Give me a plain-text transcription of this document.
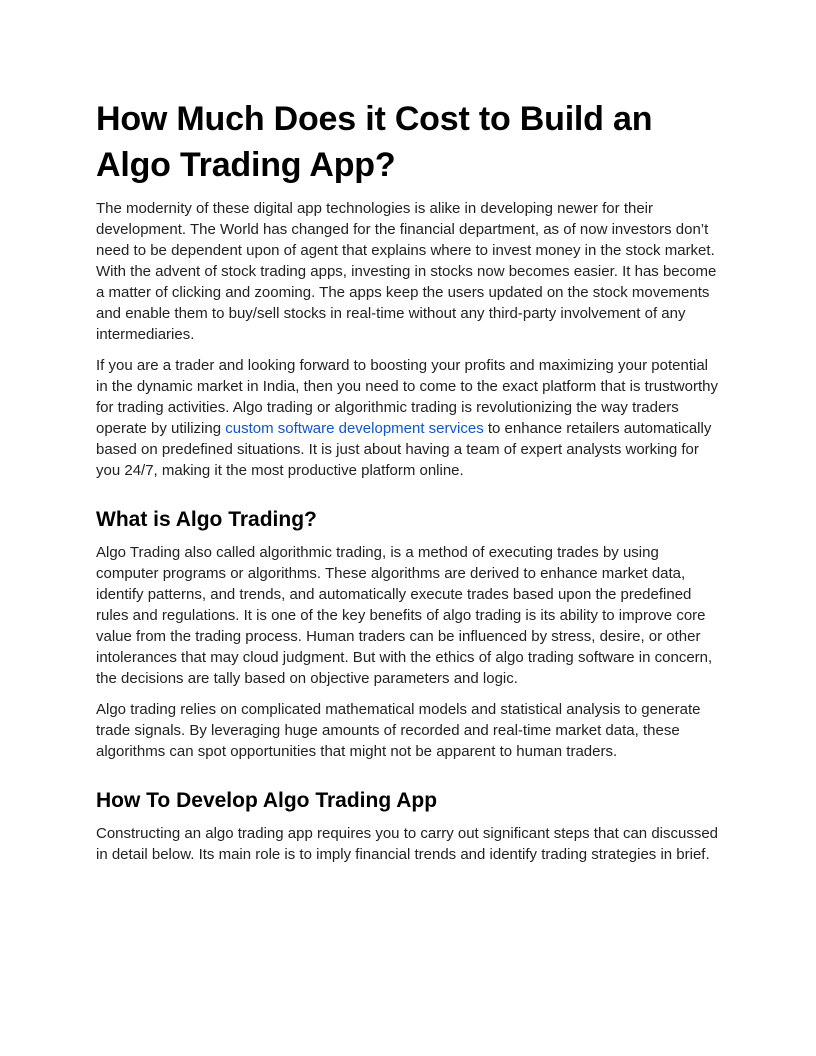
How Much Does it Cost to Build an Algo Trading App?

The modernity of these digital app technologies is alike in developing newer for their development. The World has changed for the financial department, as of now investors don’t need to be dependent upon of agent that explains where to invest money in the stock market. With the advent of stock trading apps, investing in stocks now becomes easier. It has become a matter of clicking and zooming. The apps keep the users updated on the stock movements and enable them to buy/sell stocks in real-time without any third-party involvement of any intermediaries.

If you are a trader and looking forward to boosting your profits and maximizing your potential in the dynamic market in India, then you need to come to the exact platform that is trustworthy for trading activities. Algo trading or algorithmic trading is revolutionizing the way traders operate by utilizing custom software development services to enhance retailers automatically based on predefined situations. It is just about having a team of expert analysts working for you 24/7, making it the most productive platform online.

What is Algo Trading?

Algo Trading also called algorithmic trading, is a method of executing trades by using computer programs or algorithms. These algorithms are derived to enhance market data, identify patterns, and trends, and automatically execute trades based upon the predefined rules and regulations. It is one of the key benefits of algo trading is its ability to improve core value from the trading process. Human traders can be influenced by stress, desire, or other intolerances that may cloud judgment. But with the ethics of algo trading software in concern, the decisions are tally based on objective parameters and logic.

Algo trading relies on complicated mathematical models and statistical analysis to generate trade signals. By leveraging huge amounts of recorded and real-time market data, these algorithms can spot opportunities that might not be apparent to human traders.

How To Develop Algo Trading App

Constructing an algo trading app requires you to carry out significant steps that can discussed in detail below. Its main role is to imply financial trends and identify trading strategies in brief.
